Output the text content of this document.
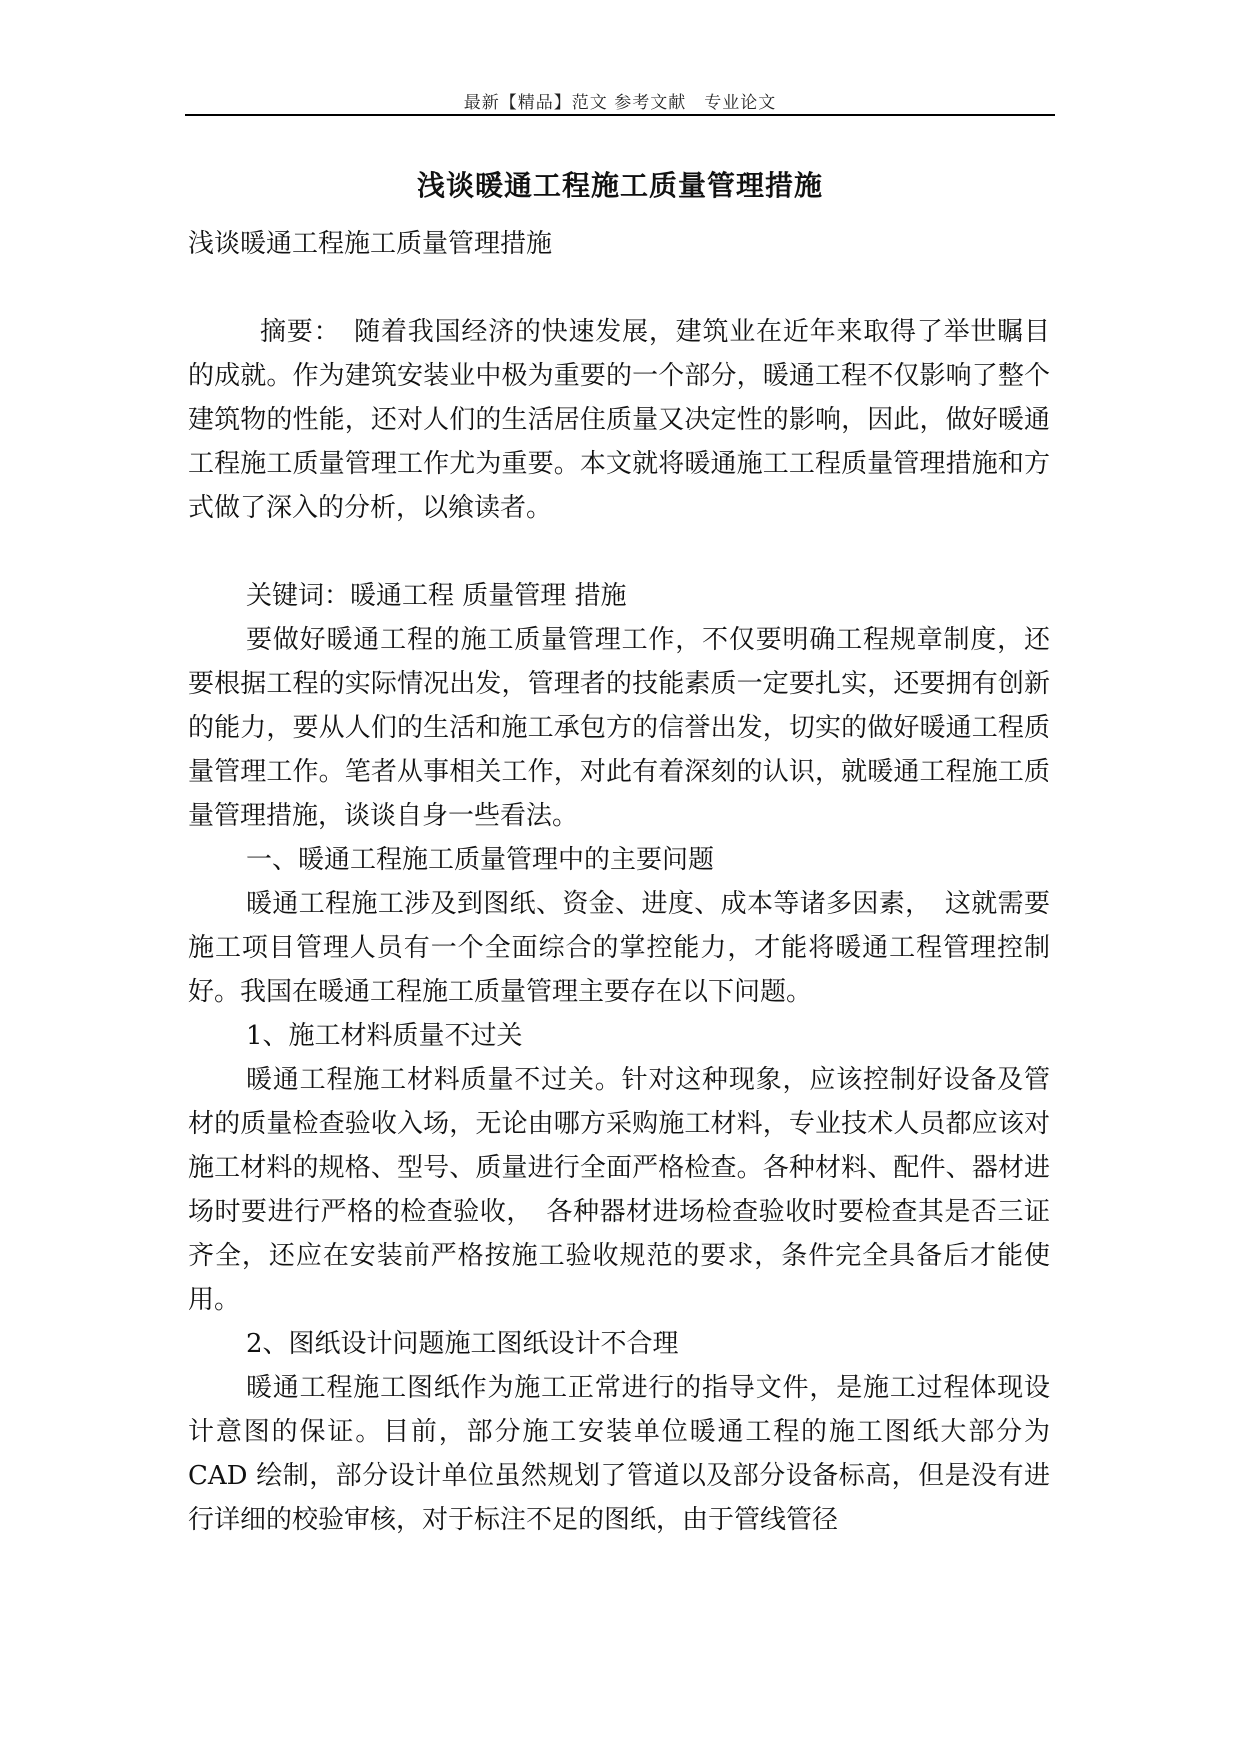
最新【精品】范文 参考文献　专业论文
浅谈暖通工程施工质量管理措施

浅谈暖通工程施工质量管理措施

摘要：　随着我国经济的快速发展，建筑业在近年来取得了举世瞩目的成就。作为建筑安装业中极为重要的一个部分，暖通工程不仅影响了整个建筑物的性能，还对人们的生活居住质量又决定性的影响，因此，做好暖通工程施工质量管理工作尤为重要。本文就将暖通施工工程质量管理措施和方式做了深入的分析，以飨读者。

关键词：暖通工程 质量管理 措施

要做好暖通工程的施工质量管理工作，不仅要明确工程规章制度，还要根据工程的实际情况出发，管理者的技能素质一定要扎实，还要拥有创新的能力，要从人们的生活和施工承包方的信誉出发，切实的做好暖通工程质量管理工作。笔者从事相关工作，对此有着深刻的认识，就暖通工程施工质量管理措施，谈谈自身一些看法。

一、暖通工程施工质量管理中的主要问题

暖通工程施工涉及到图纸、资金、进度、成本等诸多因素，　这就需要施工项目管理人员有一个全面综合的掌控能力，才能将暖通工程管理控制好。我国在暖通工程施工质量管理主要存在以下问题。

1、施工材料质量不过关

暖通工程施工材料质量不过关。针对这种现象，应该控制好设备及管材的质量检查验收入场，无论由哪方采购施工材料，专业技术人员都应该对施工材料的规格、型号、质量进行全面严格检查。各种材料、配件、器材进场时要进行严格的检查验收，　各种器材进场检查验收时要检查其是否三证齐全，还应在安装前严格按施工验收规范的要求，条件完全具备后才能使用。

2、图纸设计问题施工图纸设计不合理

暖通工程施工图纸作为施工正常进行的指导文件，是施工过程体现设计意图的保证。目前，部分施工安装单位暖通工程的施工图纸大部分为CAD 绘制，部分设计单位虽然规划了管道以及部分设备标高，但是没有进行详细的校验审核，对于标注不足的图纸，由于管线管径
